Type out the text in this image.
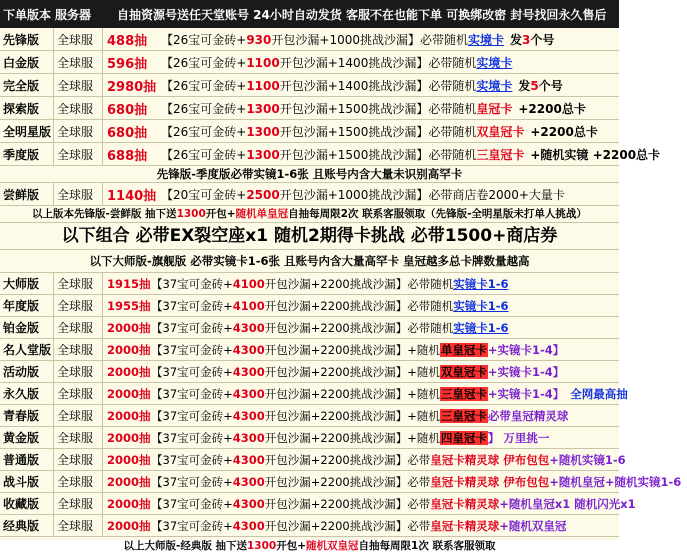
下单版本 服务器	自抽资源号送任天堂账号 24小时自动发货 客服不在也能下单 可换绑改密 封号找回永久售后
先锋版	全球服	488抽	【26宝可金砖+930开包沙漏+1000挑战沙漏】必带随机实境卡 发3个号
白金版	全球服	596抽	【26宝可金砖+1100开包沙漏+1400挑战沙漏】必带随机实境卡
完全版	全球服	2980抽 【26宝可金砖+1100开包沙漏+1400挑战沙漏】必带随机实境卡 发5个号
探索版	全球服	680抽	【26宝可金砖+1300开包沙漏+1500挑战沙漏】必带随机皇冠卡 +2200总卡
全明星版 全球服	680抽	【26宝可金砖+1300开包沙漏+1500挑战沙漏】必带随机双皇冠卡 +2200总卡
季度版	全球服	688抽	【26宝可金砖+1300开包沙漏+1500挑战沙漏】必带随机三皇冠卡 +随机实镜 +2200总卡
先锋版-季度版必带实镜1-6张 且账号内含大量未识别高罕卡
尝鲜版	全球服	1140抽 【20宝可金砖+2500开包沙漏+1000挑战沙漏】必带商店卷2000+大量卡
以上版本先锋版-尝鲜版 抽下送1300开包+随机单皇冠自抽每周限2次 联系客服领取（先锋版-全明星版未打单人挑战）
以下组合 必带EX裂空座x1 随机2期得卡挑战 必带1500+商店券
以下大师版-旗舰版 必带实镜卡1-6张 且账号内含大量高罕卡 皇冠越多总卡牌数量越高
大师版	全球服	1915抽 【37宝可金砖+4100开包沙漏+2200挑战沙漏】必带随机实镜卡1-6
年度版	全球服	1955抽 【37宝可金砖+4100开包沙漏+2200挑战沙漏】必带随机实镜卡1-6
铂金版	全球服	2000抽 【37宝可金砖+4300开包沙漏+2200挑战沙漏】必带随机实镜卡1-6
名人堂版 全球服	2000抽 【37宝可金砖+4300开包沙漏+2200挑战沙漏】+随机单皇冠卡+实镜卡1-4】
活动版	全球服	2000抽 【37宝可金砖+4300开包沙漏+2200挑战沙漏】+随机双皇冠卡+实镜卡1-4】
永久版	全球服	2000抽 【37宝可金砖+4300开包沙漏+2200挑战沙漏】+随机三皇冠卡+实镜卡1-4】 全网最高抽
青春版	全球服	2000抽 【37宝可金砖+4300开包沙漏+2200挑战沙漏】+随机三皇冠卡必带皇冠精灵球
黄金版	全球服	2000抽 【37宝可金砖+4300开包沙漏+2200挑战沙漏】+随机四皇冠卡】 万里挑一
普通版	全球服	2000抽 【37宝可金砖+4300开包沙漏+2200挑战沙漏】必带皇冠卡精灵球 伊布包包+随机实镜1-6
战斗版	全球服	2000抽 【37宝可金砖+4300开包沙漏+2200挑战沙漏】必带皇冠卡精灵球 伊布包包+随机皇冠+随机实镜1-6
收藏版	全球服	2000抽 【37宝可金砖+4300开包沙漏+2200挑战沙漏】必带皇冠卡精灵球+随机皇冠x1 随机闪光x1
经典版	全球服	2000抽 【37宝可金砖+4300开包沙漏+2200挑战沙漏】必带皇冠卡精灵球+随机双皇冠
以上大师版-经典版 抽下送1300开包+随机双皇冠自抽每周限1次 联系客服领取
